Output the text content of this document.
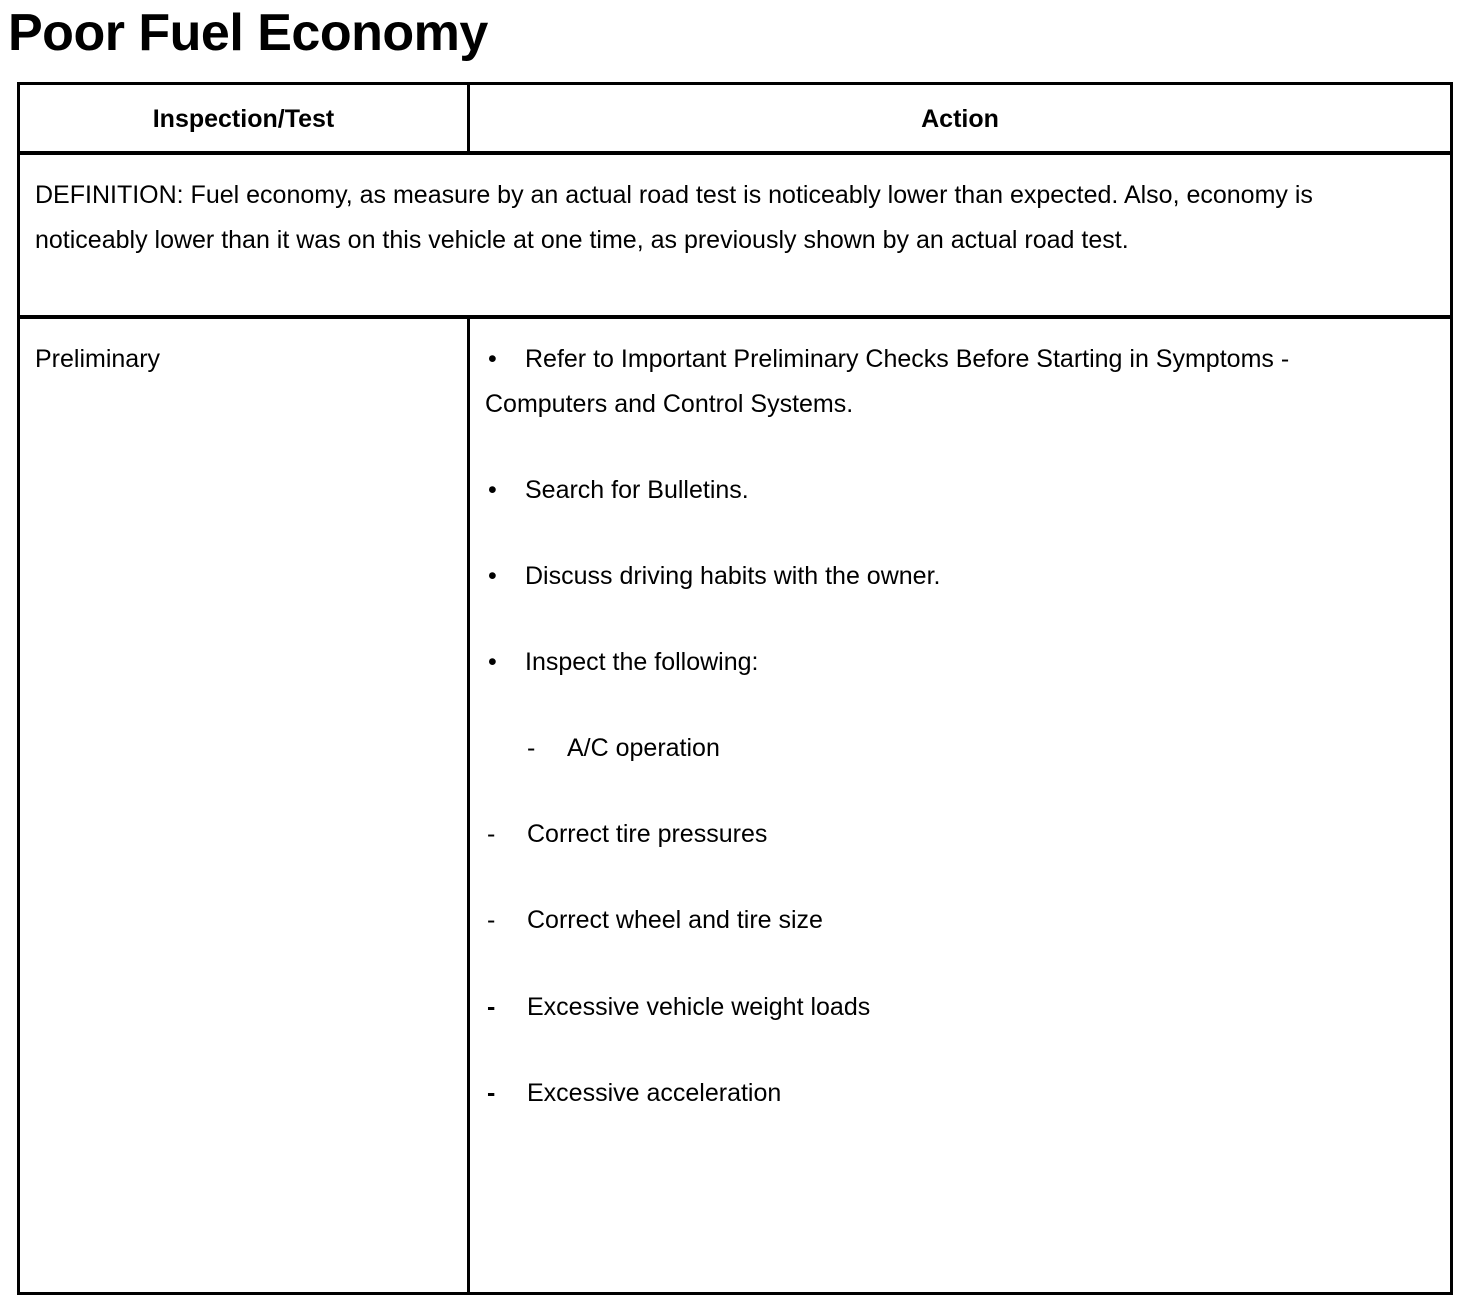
Poor Fuel Economy
Inspection/Test	Action
DEFINITION: Fuel economy, as measure by an actual road test is noticeably lower than expected. Also, economy is noticeably lower than it was on this vehicle at one time, as previously shown by an actual road test.
Preliminary	• Refer to Important Preliminary Checks Before Starting in Symptoms - Computers and Control Systems.
• Search for Bulletins.
• Discuss driving habits with the owner.
• Inspect the following:
- A/C operation
- Correct tire pressures
- Correct wheel and tire size
- Excessive vehicle weight loads
- Excessive acceleration
